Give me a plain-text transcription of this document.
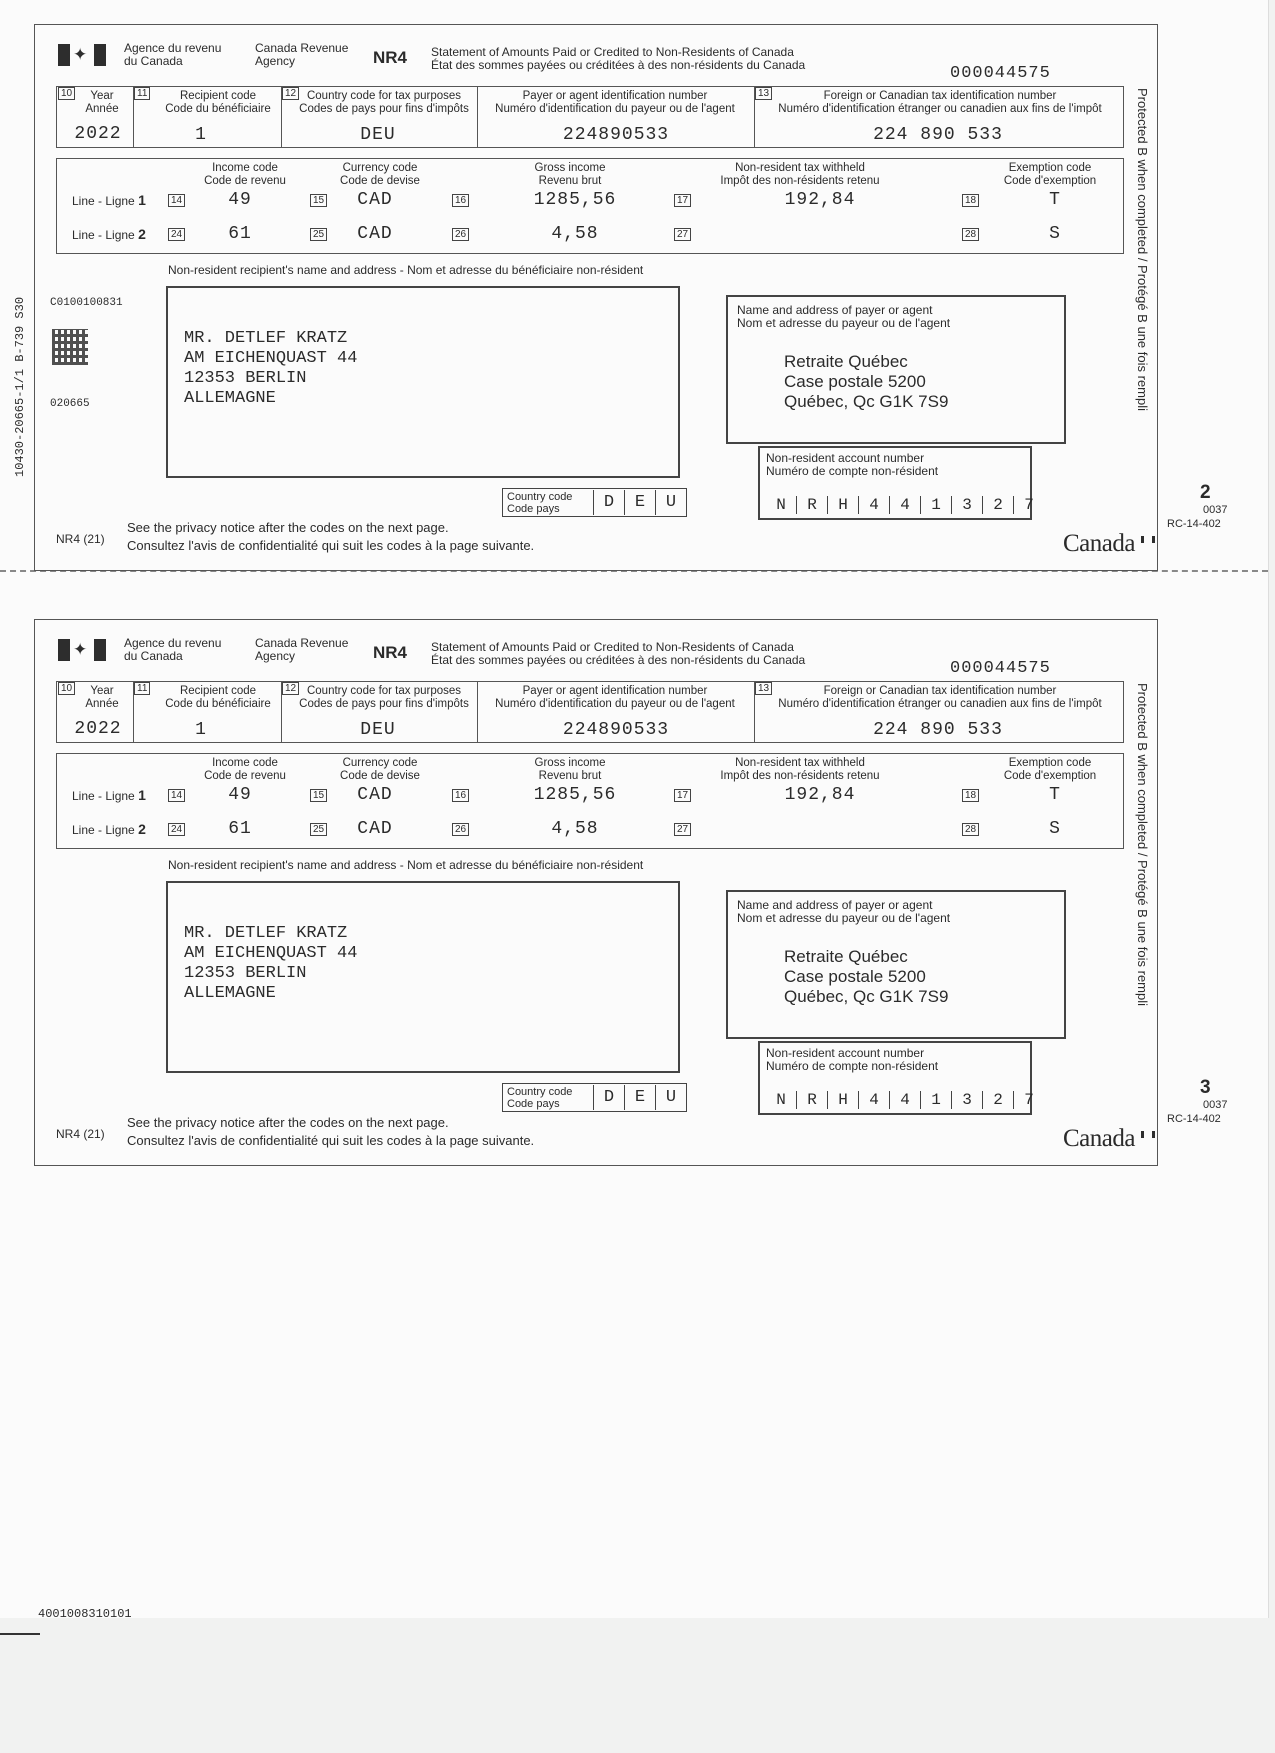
10430-20665-1/1 B-739 S30 C0100100831
020665
✦	Agence du revenu
du Canada
Canada Revenue
Agency	NR4 Statement of Amounts Paid or Credited to Non-Residents of Canada
État des sommes payées ou créditées à des non-résidents du Canada	000044575
10	Year
Année
2022
11	Recipient code
Code du bénéficiaire
1
12 Country code for tax purposes
Codes de pays pour fins d'impôts
DEU
Payer or agent identification number
Numéro d'identification du payeur ou de l'agent
224890533
13	Foreign or Canadian tax identification number
Numéro d'identification étranger ou canadien aux fins de l'impôt
224 890 533
Income code
Code de revenu
Currency code
Code de devise
Gross income
Revenu brut
Non-resident tax withheld
Impôt des non-résidents retenu
Exemption code
Code d'exemption
Line - Ligne 1	14	49	15	CAD	16	1285,56	17	192,84	18	T
Line - Ligne 2	24	61	25	CAD	26	4,58	27	28	S
Non-resident recipient's name and address - Nom et adresse du bénéficiaire non-résident
MR. DETLEF KRATZ
AM EICHENQUAST 44
12353 BERLIN
ALLEMAGNE
Country code
Code pays	D	E	U
Name and address of payer or agent
Nom et adresse du payeur ou de l'agent
Retraite Québec
Case postale 5200
Québec, Qc G1K 7S9
Non-resident account number
Numéro de compte non-résident
N	R	H	4	4	1	3	2	7
NR4 (21)
See the privacy notice after the codes on the next page.
Consultez l'avis de confidentialité qui suit les codes à la page suivante.	Canada
2
0037
RC-14-402
Protected B when completed / Protégé B une fois rempli
✦	Agence du revenu
du Canada
Canada Revenue
Agency	NR4 Statement of Amounts Paid or Credited to Non-Residents of Canada
État des sommes payées ou créditées à des non-résidents du Canada	000044575
10	Year
Année
2022
11	Recipient code
Code du bénéficiaire
1
12 Country code for tax purposes
Codes de pays pour fins d'impôts
DEU
Payer or agent identification number
Numéro d'identification du payeur ou de l'agent
224890533
13	Foreign or Canadian tax identification number
Numéro d'identification étranger ou canadien aux fins de l'impôt
224 890 533
Income code
Code de revenu
Currency code
Code de devise
Gross income
Revenu brut
Non-resident tax withheld
Impôt des non-résidents retenu
Exemption code
Code d'exemption
Line - Ligne 1	14	49	15	CAD	16	1285,56	17	192,84	18	T
Line - Ligne 2	24	61	25	CAD	26	4,58	27	28	S
Non-resident recipient's name and address - Nom et adresse du bénéficiaire non-résident
MR. DETLEF KRATZ
AM EICHENQUAST 44
12353 BERLIN
ALLEMAGNE
Country code
Code pays	D	E	U
Name and address of payer or agent
Nom et adresse du payeur ou de l'agent
Retraite Québec
Case postale 5200
Québec, Qc G1K 7S9
Non-resident account number
Numéro de compte non-résident
N	R	H	4	4	1	3	2	7
NR4 (21)
See the privacy notice after the codes on the next page.
Consultez l'avis de confidentialité qui suit les codes à la page suivante.	Canada
3
0037
RC-14-402
Protected B when completed / Protégé B une fois rempli
4001008310101
